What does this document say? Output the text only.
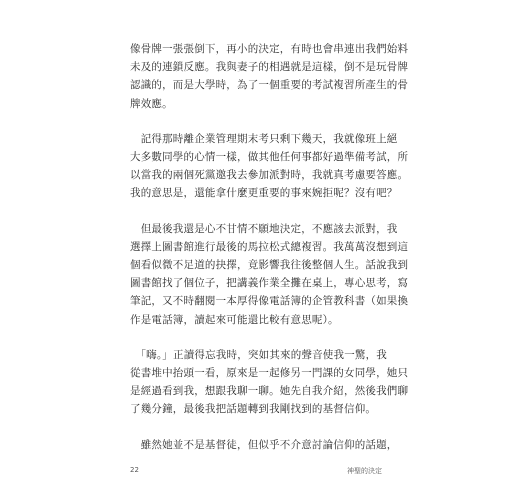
像骨牌一張張倒下，再小的決定，有時也會串連出我們始料
未及的連鎖反應。我與妻子的相遇就是這樣，倒不是玩骨牌
認識的，而是大學時，為了一個重要的考試複習所產生的骨
牌效應。
　記得那時離企業管理期末考只剩下幾天，我就像班上絕
大多數同學的心情一樣，做其他任何事都好過準備考試，所
以當我的兩個死黨邀我去參加派對時，我就真考慮要答應。
我的意思是，還能拿什麼更重要的事來婉拒呢？沒有吧？
　但最後我還是心不甘情不願地決定，不應該去派對，我
選擇上圖書館進行最後的馬拉松式總複習。我萬萬沒想到這
個看似微不足道的抉擇，竟影響我往後整個人生。話說我到
圖書館找了個位子，把講義作業全攤在桌上，專心思考，寫
筆記，又不時翻閱一本厚得像電話簿的企管教科書（如果換
作是電話簿，讀起來可能還比較有意思呢）。
　「嗨。」正讀得忘我時，突如其來的聲音使我一驚，我
從書堆中抬頭一看，原來是一起修另一門課的女同學，她只
是經過看到我，想跟我聊一聊。她先自我介紹，然後我們聊
了幾分鐘，最後我把話題轉到我剛找到的基督信仰。
　雖然她並不是基督徒，但似乎不介意討論信仰的話題，
22	神聖的決定
